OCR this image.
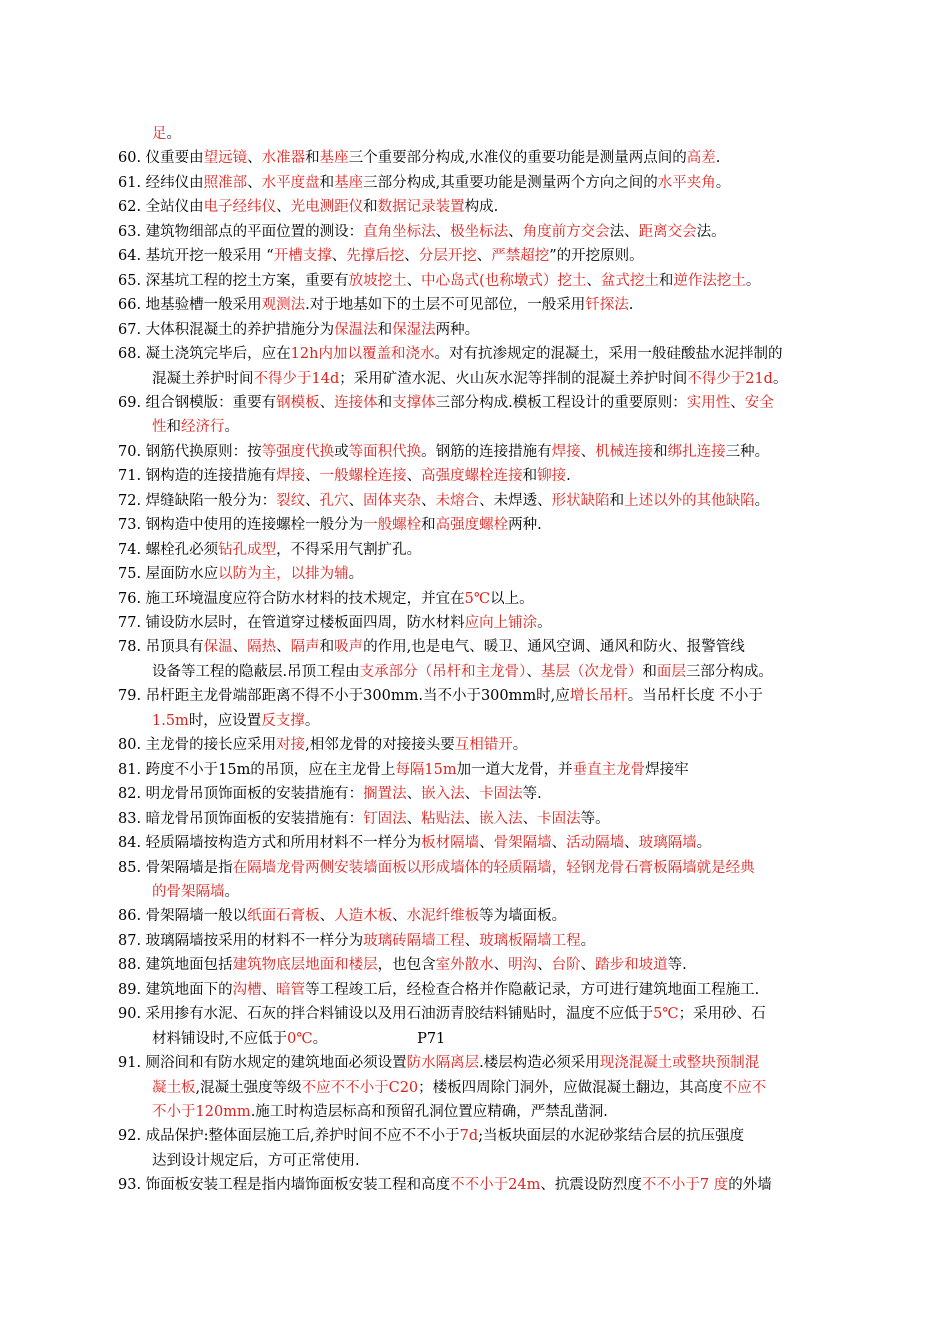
足。
60. 仪重要由望远镜、水准器和基座三个重要部分构成,水准仪的重要功能是测量两点间的高差.
61. 经纬仪由照准部、水平度盘和基座三部分构成,其重要功能是测量两个方向之间的水平夹角。
62. 全站仪由电子经纬仪、光电测距仪和数据记录装置构成.
63. 建筑物细部点的平面位置的测设：直角坐标法、极坐标法、角度前方交会法、距离交会法。
64. 基坑开挖一般采用 “开槽支撑、先撑后挖、分层开挖、严禁超挖”的开挖原则。
65. 深基坑工程的挖土方案，重要有放坡挖土、中心岛式(也称墩式）挖土、盆式挖土和逆作法挖土。
66. 地基验槽一般采用观测法.对于地基如下的土层不可见部位，一般采用钎探法.
67. 大体积混凝土的养护措施分为保温法和保湿法两种。
68. 凝土浇筑完毕后，应在12h内加以覆盖和浇水。对有抗渗规定的混凝土，采用一般硅酸盐水泥拌制的
混凝土养护时间不得少于14d；采用矿渣水泥、火山灰水泥等拌制的混凝土养护时间不得少于21d。
69. 组合钢模版：重要有钢模板、连接体和支撑体三部分构成.模板工程设计的重要原则：实用性、安全
性和经济行。
70. 钢筋代换原则：按等强度代换或等面积代换。钢筋的连接措施有焊接、机械连接和绑扎连接三种。
71. 钢构造的连接措施有焊接、一般螺栓连接、高强度螺栓连接和铆接.
72. 焊缝缺陷一般分为：裂纹、孔穴、固体夹杂、未熔合、未焊透、形状缺陷和上述以外的其他缺陷。
73. 钢构造中使用的连接螺栓一般分为一般螺栓和高强度螺栓两种.
74. 螺栓孔必须钻孔成型，不得采用气割扩孔。
75. 屋面防水应以防为主，以排为辅。
76. 施工环境温度应符合防水材料的技术规定，并宜在5℃以上。
77. 铺设防水层时，在管道穿过楼板面四周，防水材料应向上铺涂。
78. 吊顶具有保温、隔热、隔声和吸声的作用,也是电气、暖卫、通风空调、通风和防火、报警管线
设备等工程的隐蔽层.吊顶工程由支承部分（吊杆和主龙骨）、基层（次龙骨）和面层三部分构成。
79. 吊杆距主龙骨端部距离不得不小于300mm.当不小于300mm时,应增长吊杆。当吊杆长度 不小于
1.5m时，应设置反支撑。
80. 主龙骨的接长应采用对接,相邻龙骨的对接接头要互相错开。
81. 跨度不小于15m的吊顶，应在主龙骨上每隔15m加一道大龙骨，并垂直主龙骨焊接牢
82. 明龙骨吊顶饰面板的安装措施有：搁置法、嵌入法、卡固法等.
83. 暗龙骨吊顶饰面板的安装措施有：钉固法、粘贴法、嵌入法、卡固法等。
84. 轻质隔墙按构造方式和所用材料不一样分为板材隔墙、骨架隔墙、活动隔墙、玻璃隔墙。
85. 骨架隔墙是指在隔墙龙骨两侧安装墙面板以形成墙体的轻质隔墙，轻钢龙骨石膏板隔墙就是经典
的骨架隔墙。
86. 骨架隔墙一般以纸面石膏板、人造木板、水泥纤维板等为墙面板。
87. 玻璃隔墙按采用的材料不一样分为玻璃砖隔墙工程、玻璃板隔墙工程。
88. 建筑地面包括建筑物底层地面和楼层，也包含室外散水、明沟、台阶、踏步和坡道等.
89. 建筑地面下的沟槽、暗管等工程竣工后，经检查合格并作隐蔽记录，方可进行建筑地面工程施工.
90. 采用掺有水泥、石灰的拌合料铺设以及用石油沥青胶结料铺贴时，温度不应低于5℃；采用砂、石
材料铺设时,不应低于0℃。	P71
91. 厕浴间和有防水规定的建筑地面必须设置防水隔离层.楼层构造必须采用现浇混凝土或整块预制混
凝土板,混凝土强度等级不应不不小于C20；楼板四周除门洞外，应做混凝土翻边，其高度不应不
不小于120mm.施工时构造层标高和预留孔洞位置应精确，严禁乱凿洞.
92. 成品保护:整体面层施工后,养护时间不应不不小于7d;当板块面层的水泥砂浆结合层的抗压强度
达到设计规定后，方可正常使用.
93. 饰面板安装工程是指内墙饰面板安装工程和高度不不小于24m、抗震设防烈度不不小于7 度的外墙
